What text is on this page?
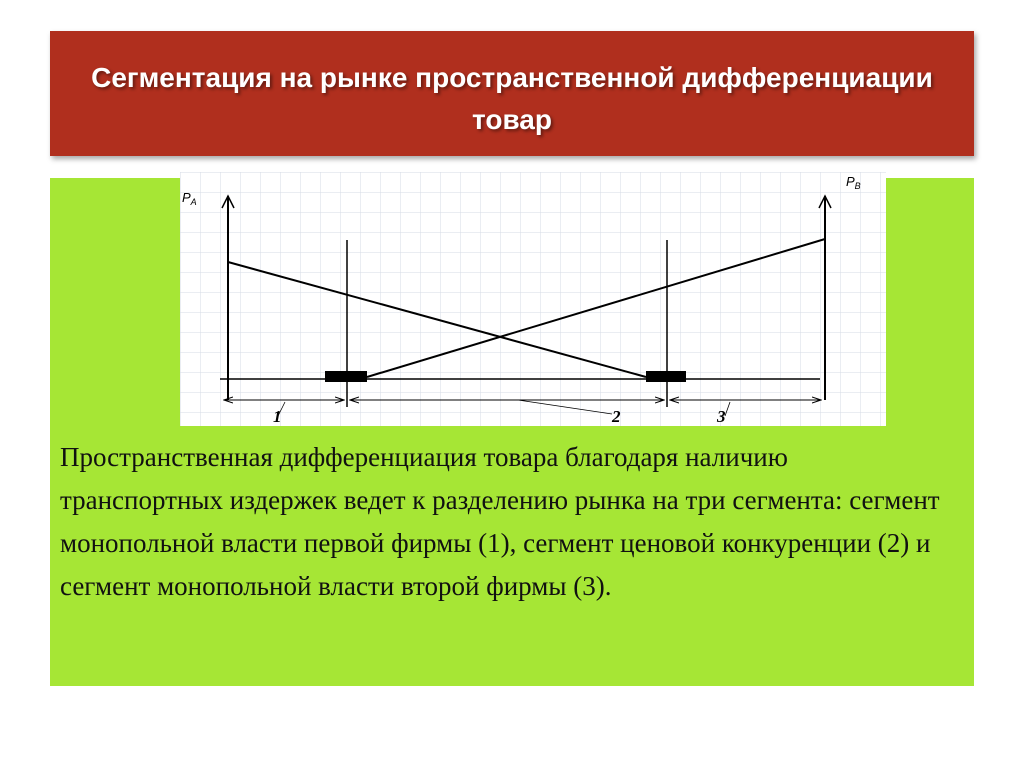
Сегментация на рынке пространственной дифференциации товар
$P_A$
$P_B$
1	2	3
Пространственная дифференциация товара благодаря наличию транспортных издержек ведет к разделению рынка на три сегмента: сегмент монопольной власти первой фирмы (1), сегмент ценовой конкуренции (2) и сегмент монопольной власти второй фирмы (3).
